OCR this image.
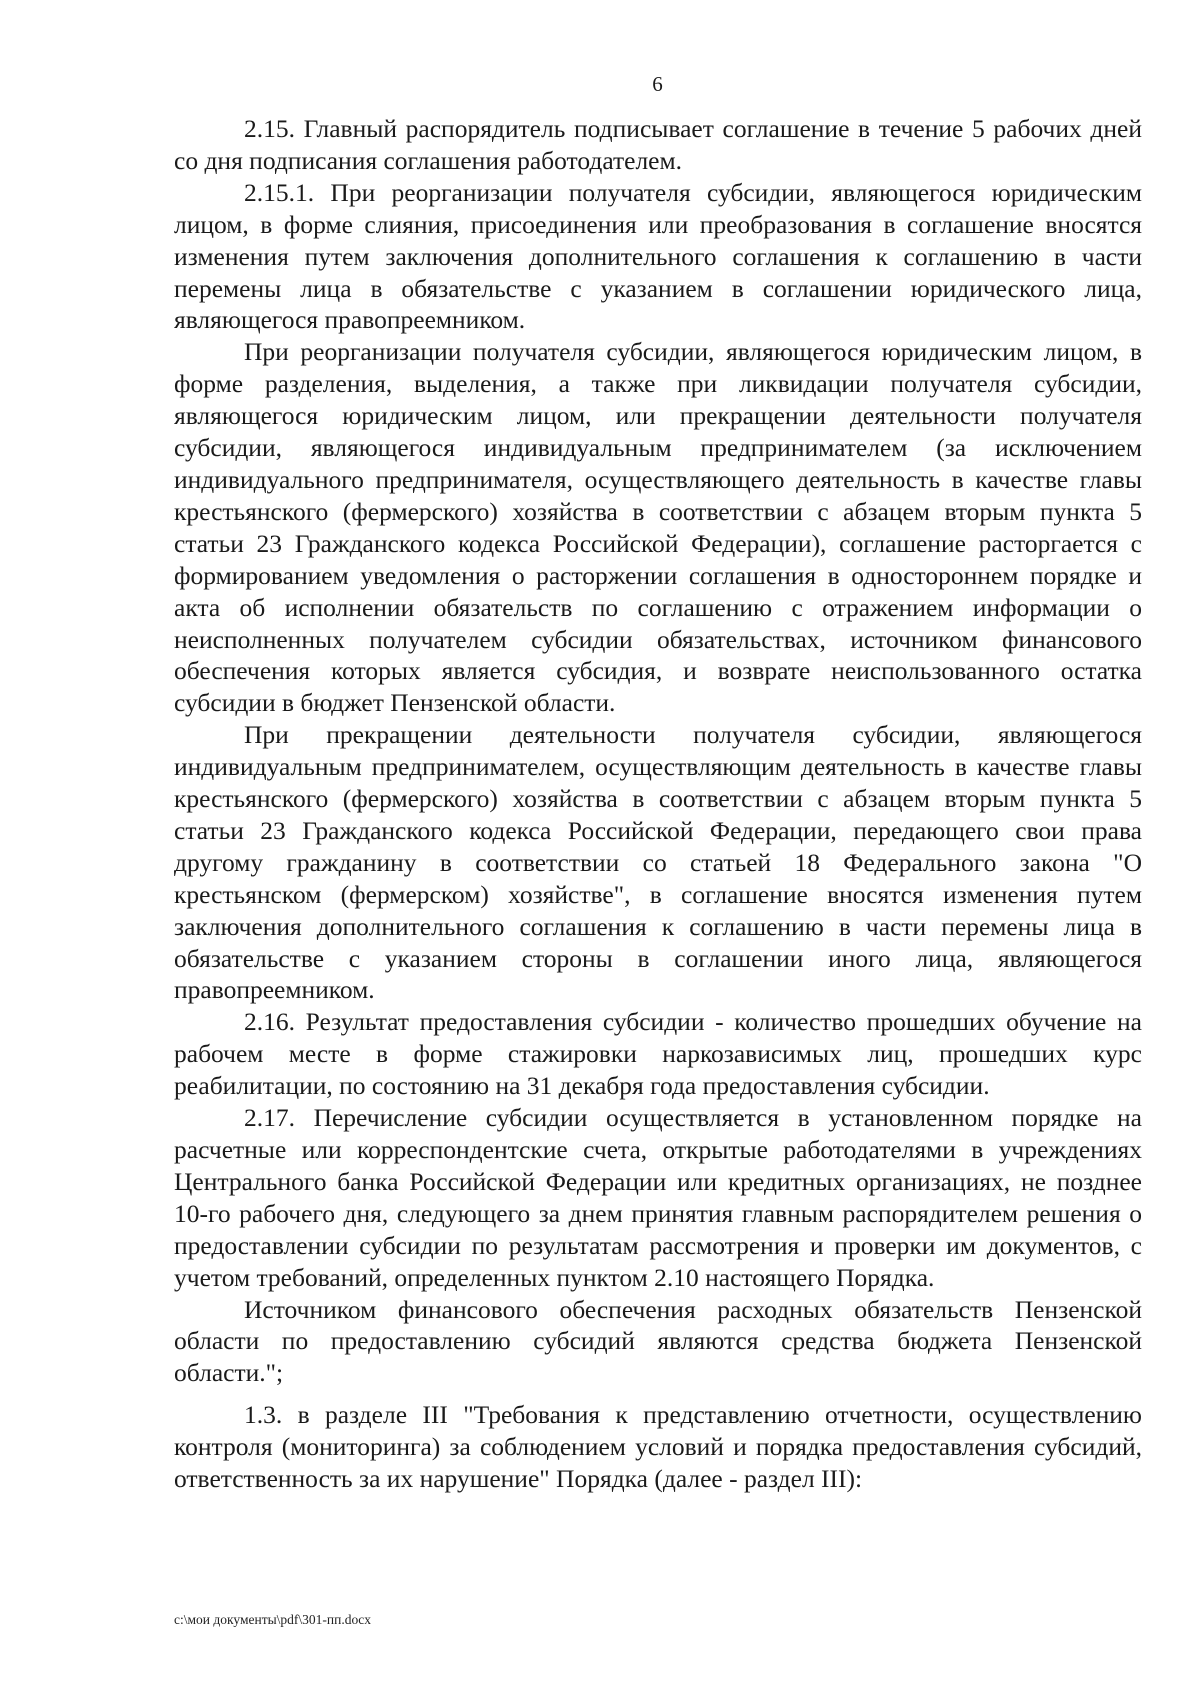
6

2.15. Главный распорядитель подписывает соглашение в течение 5 рабочих дней со дня подписания соглашения работодателем.

2.15.1. При реорганизации получателя субсидии, являющегося юридическим лицом, в форме слияния, присоединения или преобразования в соглашение вносятся изменения путем заключения дополнительного соглашения к соглашению в части перемены лица в обязательстве с указанием в соглашении юридического лица, являющегося правопреемником.

При реорганизации получателя субсидии, являющегося юридическим лицом, в форме разделения, выделения, а также при ликвидации получателя субсидии, являющегося юридическим лицом, или прекращении деятельности получателя субсидии, являющегося индивидуальным предпринимателем (за исключением индивидуального предпринимателя, осуществляющего деятельность в качестве главы крестьянского (фермерского) хозяйства в соответствии с абзацем вторым пункта 5 статьи 23 Гражданского кодекса Российской Федерации), соглашение расторгается с формированием уведомления о расторжении соглашения в одностороннем порядке и акта об исполнении обязательств по соглашению с отражением информации о неисполненных получателем субсидии обязательствах, источником финансового обеспечения которых является субсидия, и возврате неиспользованного остатка субсидии в бюджет Пензенской области.

При прекращении деятельности получателя субсидии, являющегося индивидуальным предпринимателем, осуществляющим деятельность в качестве главы крестьянского (фермерского) хозяйства в соответствии с абзацем вторым пункта 5 статьи 23 Гражданского кодекса Российской Федерации, передающего свои права другому гражданину в соответствии со статьей 18 Федерального закона "О крестьянском (фермерском) хозяйстве", в соглашение вносятся изменения путем заключения дополнительного соглашения к соглашению в части перемены лица в обязательстве с указанием стороны в соглашении иного лица, являющегося правопреемником.

2.16. Результат предоставления субсидии - количество прошедших обучение на рабочем месте в форме стажировки наркозависимых лиц, прошедших курс реабилитации, по состоянию на 31 декабря года предоставления субсидии.

2.17. Перечисление субсидии осуществляется в установленном порядке на расчетные или корреспондентские счета, открытые работодателями в учреждениях Центрального банка Российской Федерации или кредитных организациях, не позднее 10-го рабочего дня, следующего за днем принятия главным распорядителем решения о предоставлении субсидии по результатам рассмотрения и проверки им документов, с учетом требований, определенных пунктом 2.10 настоящего Порядка.

Источником финансового обеспечения расходных обязательств Пензенской области по предоставлению субсидий являются средства бюджета Пензенской области.";

1.3. в разделе III "Требования к представлению отчетности, осуществлению контроля (мониторинга) за соблюдением условий и порядка предоставления субсидий, ответственность за их нарушение" Порядка (далее - раздел III):

c:\мои документы\pdf\301-пп.docx
